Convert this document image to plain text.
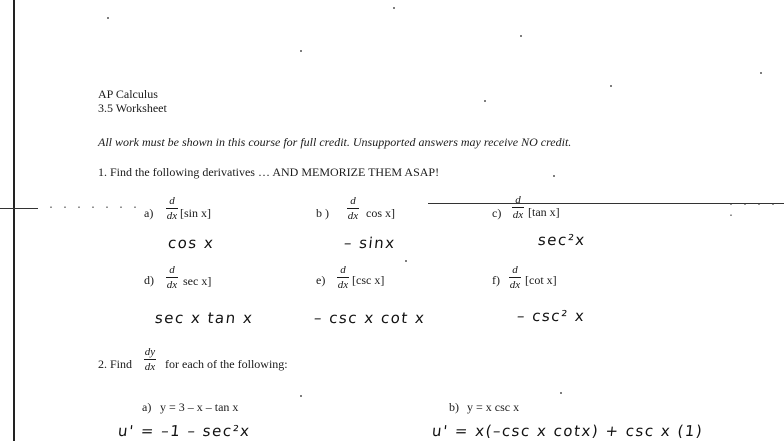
· · · · · · ·	· · · · ·
AP Calculus
3.5 Worksheet
All work must be shown in this course for full credit. Unsupported answers may receive NO credit.
1. Find the following derivatives … AND MEMORIZE THEM ASAP!
a)
d
dx [sin x]
cos x
b )
d
dx cos x]
– sinx
c)
d
dx [tan x]
sec²x
d)
d
dx sec x]
sec x tan x
e)
d
dx [csc x]
– csc x cot x
f)
d
dx [cot x]
– csc² x
2. Find
dy
dx for each of the following:
a) y = 3 – x – tan x
u' = –1 – sec²x
b) y = x csc x
u' = x(–csc x cotx) + csc x (1)
